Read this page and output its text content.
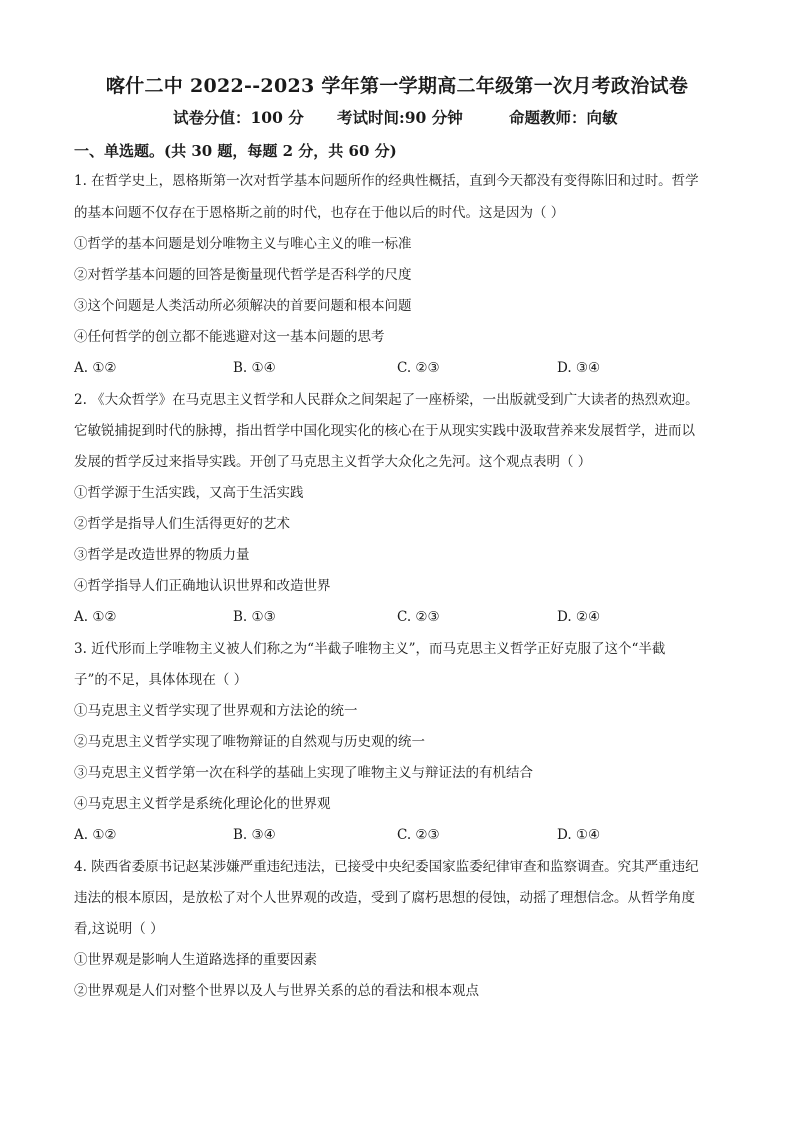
喀什二中 2022--2023 学年第一学期高二年级第一次月考政治试卷
试卷分值：100 分 考试时间:90 分钟	命题教师：向敏
一、单选题。(共 30 题，每题 2 分，共 60 分)
1. 在哲学史上，恩格斯第一次对哲学基本问题所作的经典性概括，直到今天都没有变得陈旧和过时。哲学
的基本问题不仅存在于恩格斯之前的时代，也存在于他以后的时代。这是因为（ ）
①哲学的基本问题是划分唯物主义与唯心主义的唯一标准
②对哲学基本问题的回答是衡量现代哲学是否科学的尺度
③这个问题是人类活动所必须解决的首要问题和根本问题
④任何哲学的创立都不能逃避对这一基本问题的思考
A. ①②	B. ①④	C. ②③	D. ③④
2. 《大众哲学》在马克思主义哲学和人民群众之间架起了一座桥梁，一出版就受到广大读者的热烈欢迎。
它敏锐捕捉到时代的脉搏，指出哲学中国化现实化的核心在于从现实实践中汲取营养来发展哲学，进而以
发展的哲学反过来指导实践。开创了马克思主义哲学大众化之先河。这个观点表明（ ）
①哲学源于生活实践，又高于生活实践
②哲学是指导人们生活得更好的艺术
③哲学是改造世界的物质力量
④哲学指导人们正确地认识世界和改造世界
A. ①②	B. ①③	C. ②③	D. ②④
3. 近代形而上学唯物主义被人们称之为“半截子唯物主义”，而马克思主义哲学正好克服了这个“半截
子”的不足，具体体现在（ ）
①马克思主义哲学实现了世界观和方法论的统一
②马克思主义哲学实现了唯物辩证的自然观与历史观的统一
③马克思主义哲学第一次在科学的基础上实现了唯物主义与辩证法的有机结合
④马克思主义哲学是系统化理论化的世界观
A. ①②	B. ③④	C. ②③	D. ①④
4. 陕西省委原书记赵某涉嫌严重违纪违法，已接受中央纪委国家监委纪律审查和监察调查。究其严重违纪
违法的根本原因，是放松了对个人世界观的改造，受到了腐朽思想的侵蚀，动摇了理想信念。从哲学角度
看,这说明（ ）
①世界观是影响人生道路选择的重要因素
②世界观是人们对整个世界以及人与世界关系的总的看法和根本观点
